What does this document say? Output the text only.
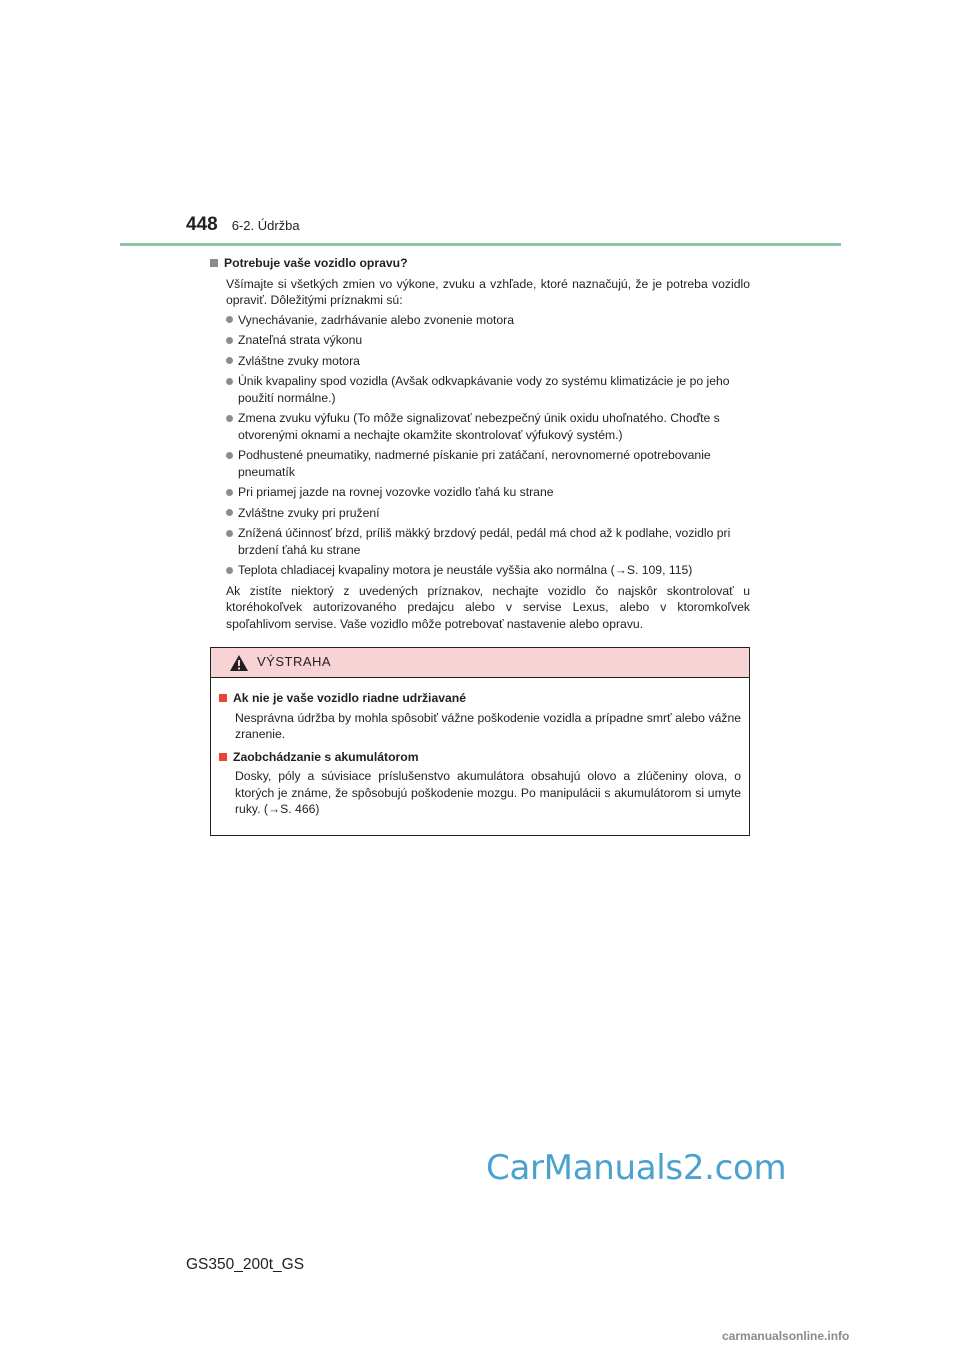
448 6-2. Údržba
Potrebuje vaše vozidlo opravu?
Všímajte si všetkých zmien vo výkone, zvuku a vzhľade, ktoré naznačujú, že je potreba vozidlo opraviť. Dôležitými príznakmi sú:
Vynechávanie, zadrhávanie alebo zvonenie motora
Znateľná strata výkonu
Zvláštne zvuky motora
Únik kvapaliny spod vozidla (Avšak odkvapkávanie vody zo systému klimatizácie je po jeho použití normálne.)
Zmena zvuku výfuku (To môže signalizovať nebezpečný únik oxidu uhoľnatého. Choďte s otvorenými oknami a nechajte okamžite skontrolovať výfukový systém.)
Podhustené pneumatiky, nadmerné pískanie pri zatáčaní, nerovnomerné opotrebovanie pneumatík
Pri priamej jazde na rovnej vozovke vozidlo ťahá ku strane
Zvláštne zvuky pri pružení
Znížená účinnosť bŕzd, príliš mäkký brzdový pedál, pedál má chod až k podlahe, vozidlo pri brzdení ťahá ku strane
Teplota chladiacej kvapaliny motora je neustále vyššia ako normálna (→S. 109, 115)
Ak zistíte niektorý z uvedených príznakov, nechajte vozidlo čo najskôr skontrolovať u ktoréhokoľvek autorizovaného predajcu alebo v servise Lexus, alebo v ktoromkoľvek spoľahlivom servise. Vaše vozidlo môže potrebovať nastavenie alebo opravu.
VÝSTRAHA
Ak nie je vaše vozidlo riadne udržiavané
Nesprávna údržba by mohla spôsobiť vážne poškodenie vozidla a prípadne smrť alebo vážne zranenie.
Zaobchádzanie s akumulátorom
Dosky, póly a súvisiace príslušenstvo akumulátora obsahujú olovo a zlúčeniny olova, o ktorých je známe, že spôsobujú poškodenie mozgu. Po manipulácii s akumulátorom si umyte ruky. (→S. 466)
CarManuals2.com
GS350_200t_GS
carmanualsonline.info
